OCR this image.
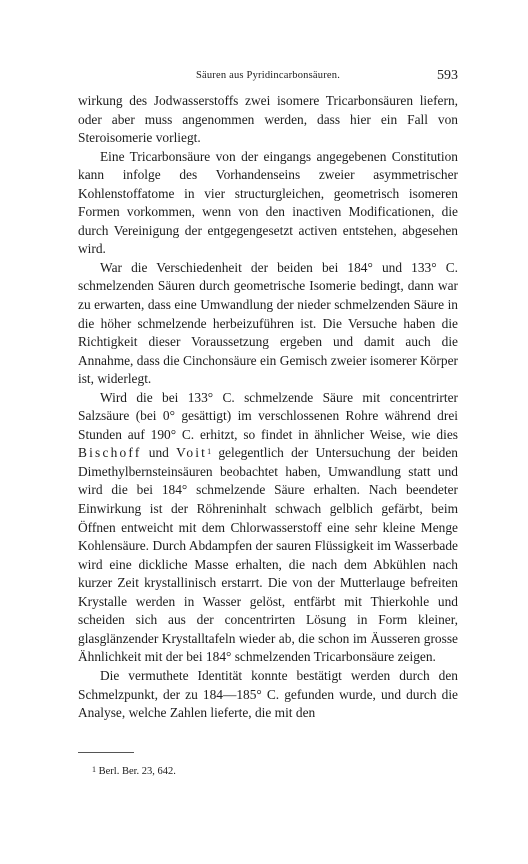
Säuren aus Pyridincarbonsäuren.	593

wirkung des Jodwasserstoffs zwei isomere Tricarbonsäuren liefern, oder aber muss angenommen werden, dass hier ein Fall von Steroisomerie vorliegt.

Eine Tricarbonsäure von der eingangs angegebenen Constitution kann infolge des Vorhandenseins zweier asymmetrischer Kohlenstoffatome in vier structurgleichen, geometrisch isomeren Formen vorkommen, wenn von den inactiven Modificationen, die durch Vereinigung der entgegengesetzt activen entstehen, abgesehen wird.

War die Verschiedenheit der beiden bei 184° und 133° C. schmelzenden Säuren durch geometrische Isomerie bedingt, dann war zu erwarten, dass eine Umwandlung der nieder schmelzenden Säure in die höher schmelzende herbeizuführen ist. Die Versuche haben die Richtigkeit dieser Voraussetzung ergeben und damit auch die Annahme, dass die Cinchonsäure ein Gemisch zweier isomerer Körper ist, widerlegt.

Wird die bei 133° C. schmelzende Säure mit concentrirter Salzsäure (bei 0° gesättigt) im verschlossenen Rohre während drei Stunden auf 190° C. erhitzt, so findet in ähnlicher Weise, wie dies Bischoff und Voit$^1$ gelegentlich der Untersuchung der beiden Dimethylbernsteinsäuren beobachtet haben, Umwandlung statt und wird die bei 184° schmelzende Säure erhalten. Nach beendeter Einwirkung ist der Röhreninhalt schwach gelblich gefärbt, beim Öffnen entweicht mit dem Chlorwasserstoff eine sehr kleine Menge Kohlensäure. Durch Abdampfen der sauren Flüssigkeit im Wasserbade wird eine dickliche Masse erhalten, die nach dem Abkühlen nach kurzer Zeit krystallinisch erstarrt. Die von der Mutterlauge befreiten Krystalle werden in Wasser gelöst, entfärbt mit Thierkohle und scheiden sich aus der concentrirten Lösung in Form kleiner, glasglänzender Krystalltafeln wieder ab, die schon im Äusseren grosse Ähnlichkeit mit der bei 184° schmelzenden Tricarbonsäure zeigen.

Die vermuthete Identität konnte bestätigt werden durch den Schmelzpunkt, der zu 184—185° C. gefunden wurde, und durch die Analyse, welche Zahlen lieferte, die mit den

$^1$ Berl. Ber. 23, 642.
